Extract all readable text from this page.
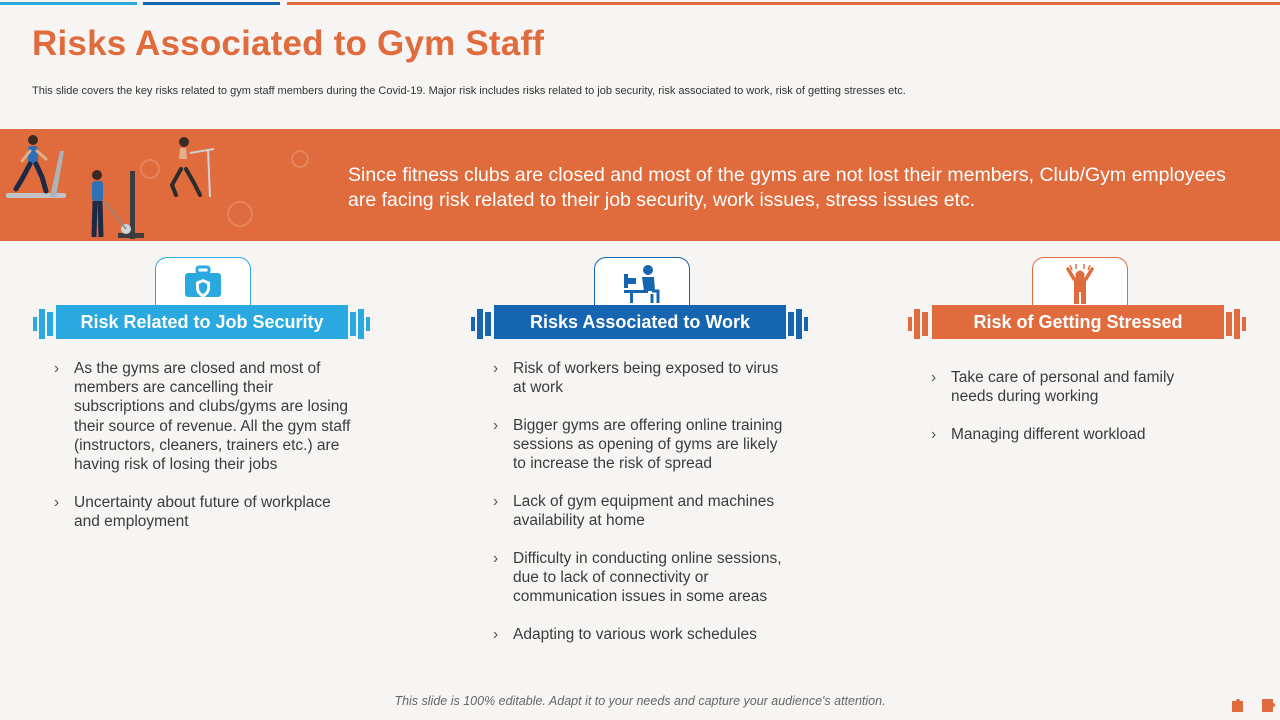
Risks Associated to Gym Staff
This slide covers the key risks related to gym staff members during the Covid-19. Major risk includes risks related to job security, risk associated to work, risk of getting stresses etc.
Since fitness clubs are closed and most of the gyms are not lost their members, Club/Gym employees are facing risk related to their job security, work issues, stress issues etc.
Risk Related to Job Security
› As the gyms are closed and most of members are cancelling their subscriptions and clubs/gyms are losing their source of revenue. All the gym staff (instructors, cleaners, trainers etc.) are having risk of losing their jobs
› Uncertainty about future of workplace and employment
Risks Associated to Work
› Risk of workers being exposed to virus at work
› Bigger gyms are offering online training sessions as opening of gyms are likely to increase the risk of spread
› Lack of gym equipment and machines availability at home
› Difficulty in conducting online sessions, due to lack of connectivity or communication issues in some areas
› Adapting to various work schedules
Risk of Getting Stressed
› Take care of personal and family needs during working
› Managing different workload
This slide is 100% editable. Adapt it to your needs and capture your audience's attention.
